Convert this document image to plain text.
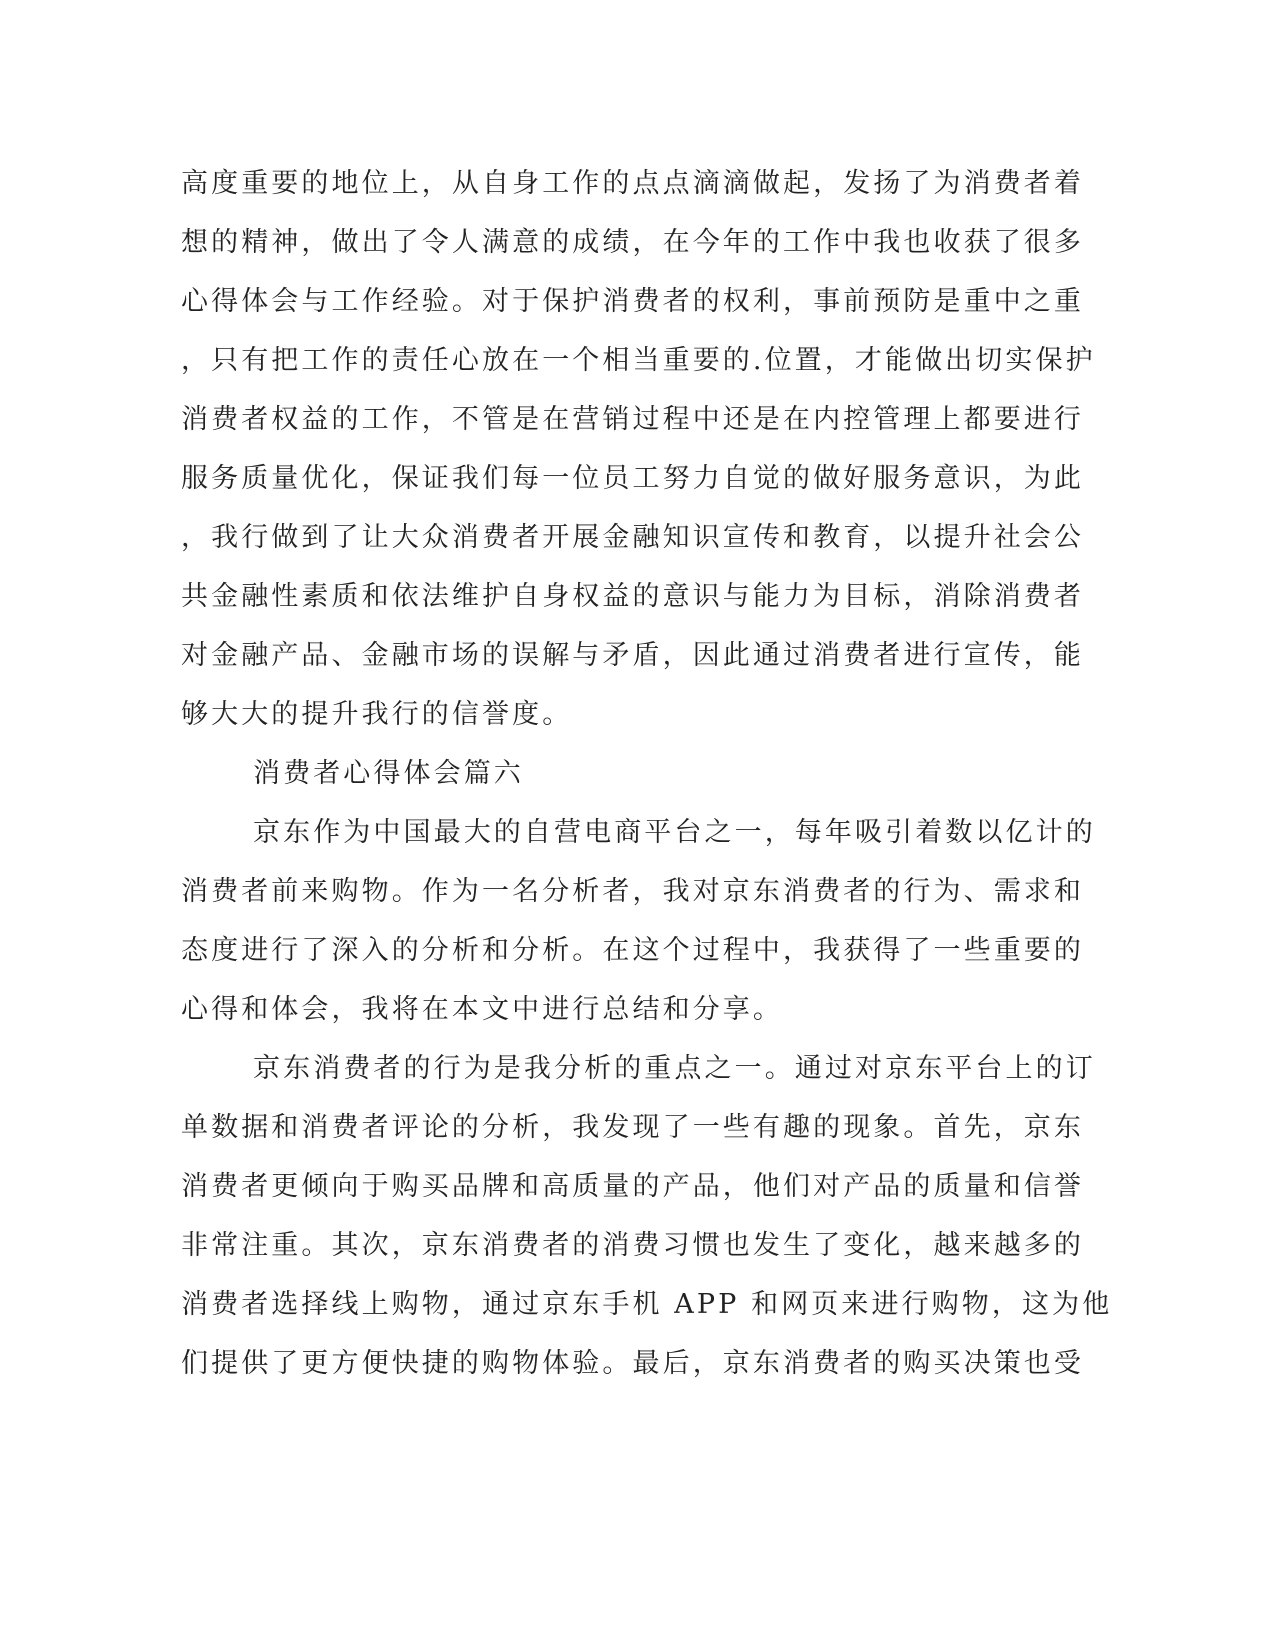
高度重要的地位上，从自身工作的点点滴滴做起，发扬了为消费者着
想的精神，做出了令人满意的成绩，在今年的工作中我也收获了很多
心得体会与工作经验。对于保护消费者的权利，事前预防是重中之重
，只有把工作的责任心放在一个相当重要的.位置，才能做出切实保护
消费者权益的工作，不管是在营销过程中还是在内控管理上都要进行
服务质量优化，保证我们每一位员工努力自觉的做好服务意识，为此
，我行做到了让大众消费者开展金融知识宣传和教育，以提升社会公
共金融性素质和依法维护自身权益的意识与能力为目标，消除消费者
对金融产品、金融市场的误解与矛盾，因此通过消费者进行宣传，能
够大大的提升我行的信誉度。
消费者心得体会篇六
京东作为中国最大的自营电商平台之一，每年吸引着数以亿计的
消费者前来购物。作为一名分析者，我对京东消费者的行为、需求和
态度进行了深入的分析和分析。在这个过程中，我获得了一些重要的
心得和体会，我将在本文中进行总结和分享。
京东消费者的行为是我分析的重点之一。通过对京东平台上的订
单数据和消费者评论的分析，我发现了一些有趣的现象。首先，京东
消费者更倾向于购买品牌和高质量的产品，他们对产品的质量和信誉
非常注重。其次，京东消费者的消费习惯也发生了变化，越来越多的
消费者选择线上购物，通过京东手机 APP 和网页来进行购物，这为他
们提供了更方便快捷的购物体验。最后，京东消费者的购买决策也受
